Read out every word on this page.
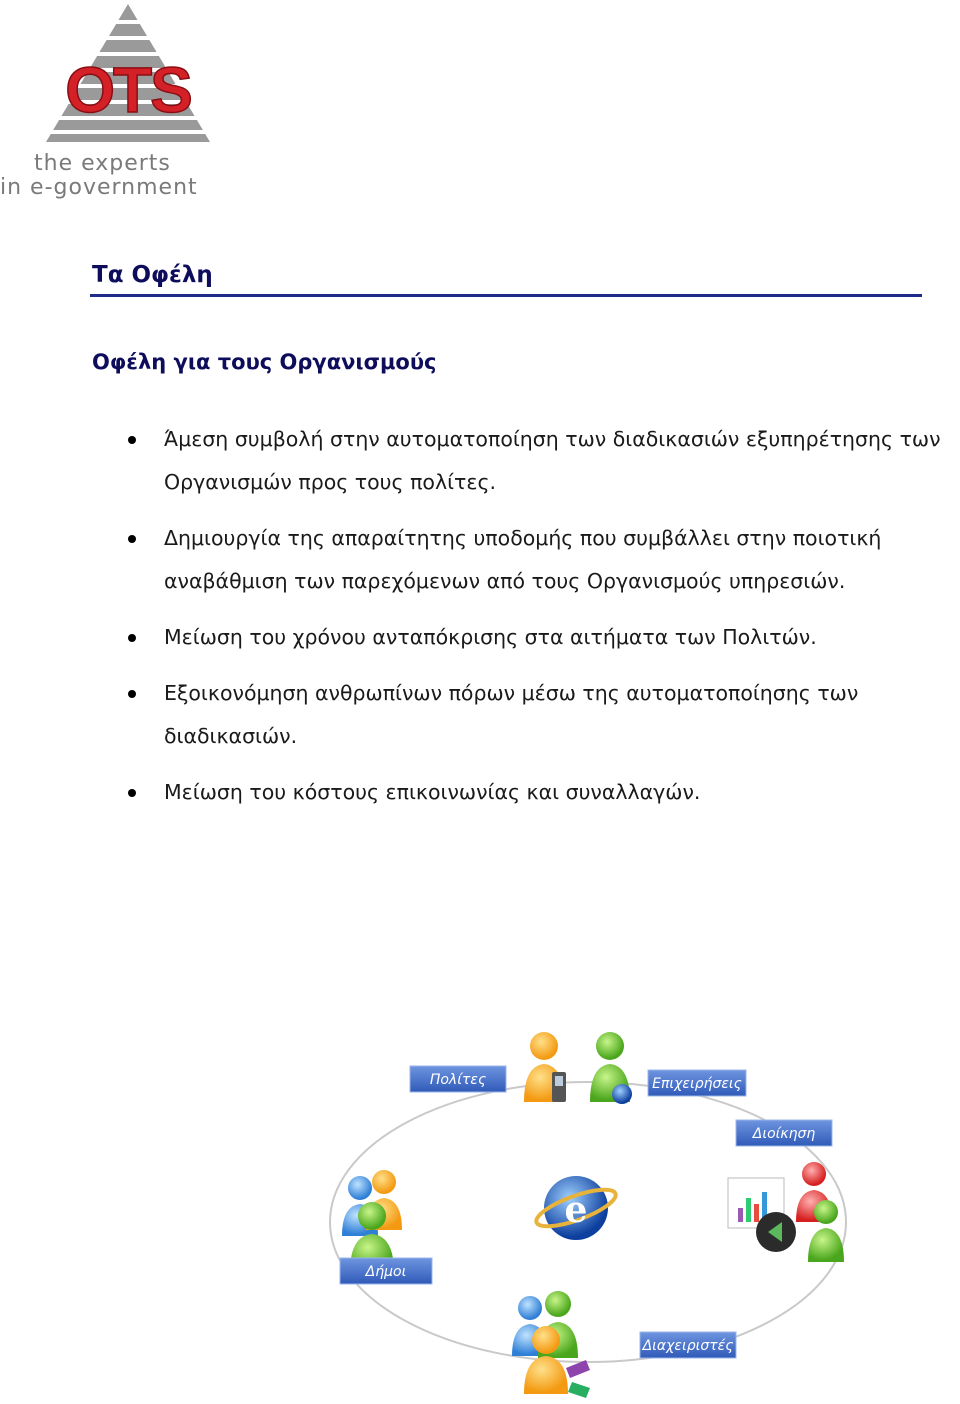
OTS
the experts
in e-government
Τα Οφέλη
Οφέλη για τους Οργανισμούς
Άμεση συμβολή στην αυτοματοποίηση των διαδικασιών εξυπηρέτησης των Οργανισμών προς τους πολίτες.
Δημιουργία της απαραίτητης υποδομής που συμβάλλει στην ποιοτική αναβάθμιση των παρεχόμενων από τους Οργανισμούς υπηρεσιών.
Μείωση του χρόνου ανταπόκρισης στα αιτήματα των Πολιτών.
Εξοικονόμηση ανθρωπίνων πόρων μέσω της αυτοματοποίησης των διαδικασιών.
Μείωση του κόστους επικοινωνίας και συναλλαγών.
Πολίτες	Επιχειρήσεις
Διοίκηση
Δήμοι
e
Διαχειριστές
